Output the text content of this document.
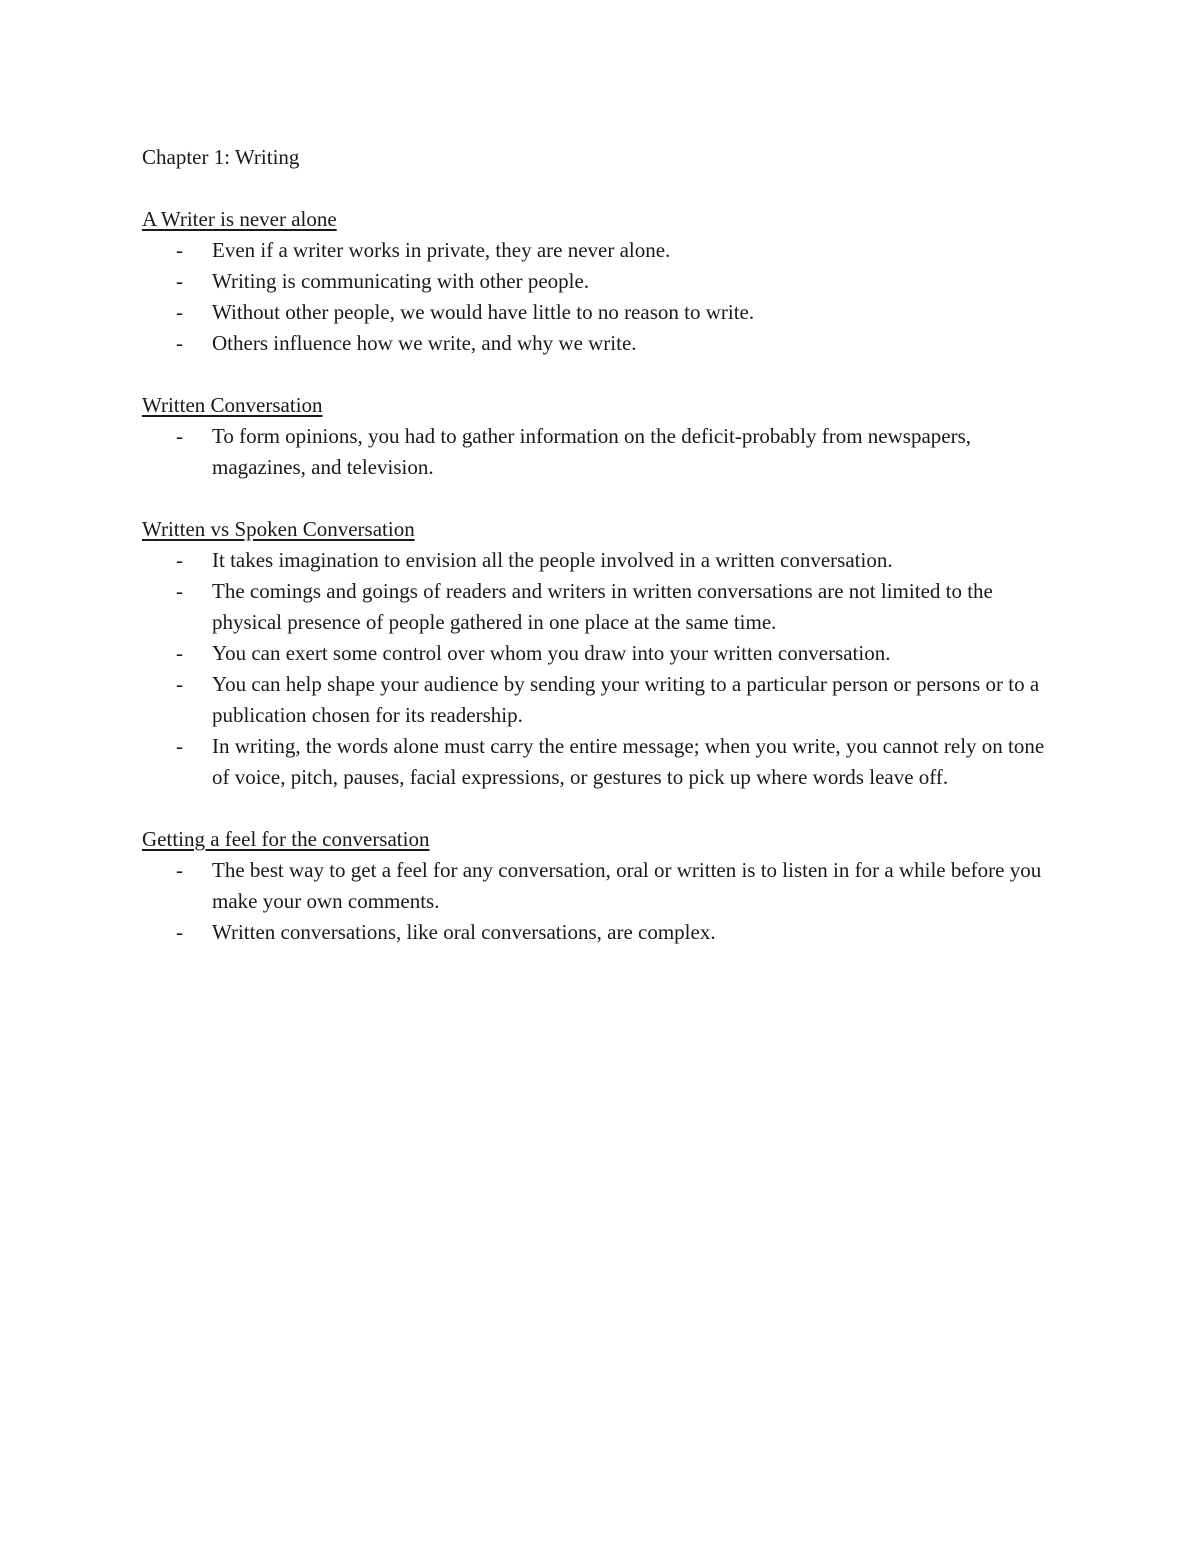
Chapter 1: Writing
A Writer is never alone
- Even if a writer works in private, they are never alone.
- Writing is communicating with other people.
- Without other people, we would have little to no reason to write.
- Others influence how we write, and why we write.
Written Conversation
- To form opinions, you had to gather information on the deficit-probably from newspapers, magazines, and television.
Written vs Spoken Conversation
- It takes imagination to envision all the people involved in a written conversation.
- The comings and goings of readers and writers in written conversations are not limited to the physical presence of people gathered in one place at the same time.
- You can exert some control over whom you draw into your written conversation.
- You can help shape your audience by sending your writing to a particular person or persons or to a publication chosen for its readership.
- In writing, the words alone must carry the entire message; when you write, you cannot rely on tone of voice, pitch, pauses, facial expressions, or gestures to pick up where words leave off.
Getting a feel for the conversation
- The best way to get a feel for any conversation, oral or written is to listen in for a while before you make your own comments.
- Written conversations, like oral conversations, are complex.
